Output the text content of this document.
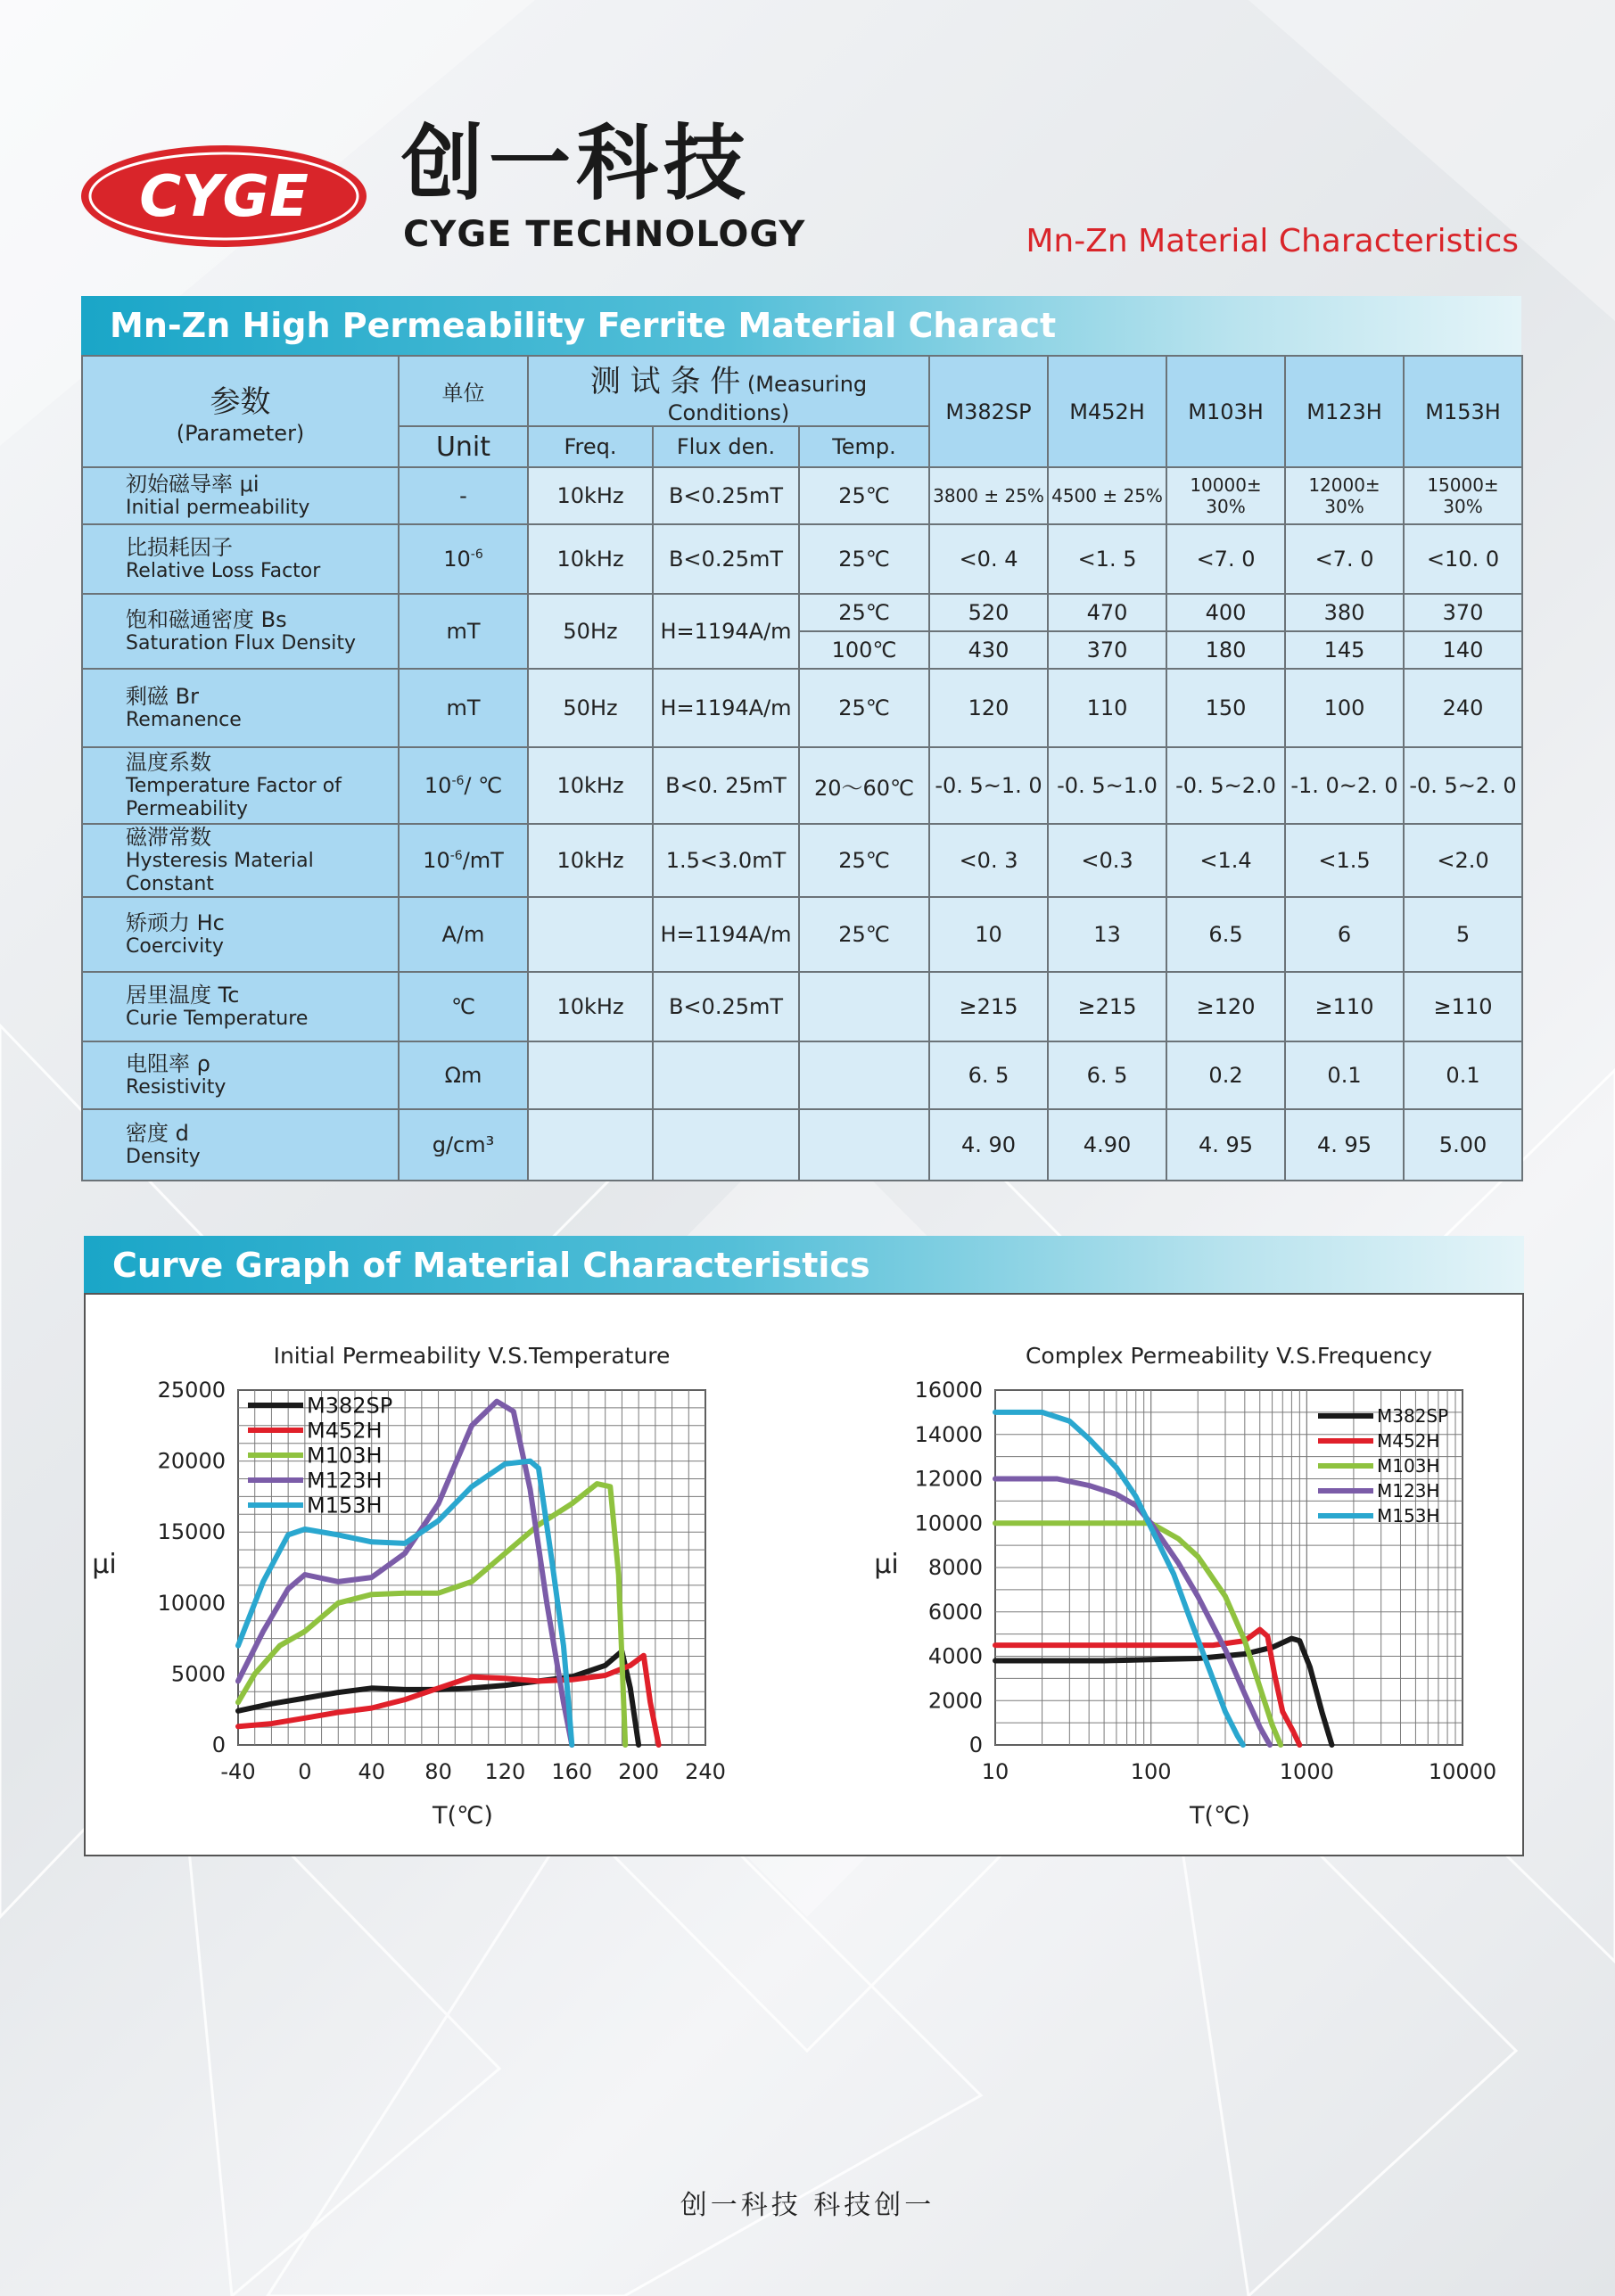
CYGE 创一科技
CYGE TECHNOLOGY	Mn-Zn Material Characteristics
Mn-Zn High Permeability Ferrite Material Charact
参数
(Parameter)	单位	测 试 条 件 (Measuring Conditions)			M382SP	M452H	M103H	M123H	M153H
	Unit	Freq.	Flux den.	Temp.					

初始磁导率 μi
Initial permeability	-	10kHz	B<0.25mT	25℃	3800 ± 25%	4500 ± 25%	10000± 30%	12000± 30%	15000± 30%

比损耗因子
Relative Loss Factor	$10^{-6}$	10kHz	B<0.25mT	25℃	<0. 4	<1. 5	<7. 0	<7. 0	<10. 0

饱和磁通密度 Bs
Saturation Flux Density	mT	50Hz	H=1194A/m	25℃	520	470	400	380	370
				100℃	430	370	180	145	140

剩磁 Br
Remanence	mT	50Hz	H=1194A/m	25℃	120	110	150	100	240

温度系数
Temperature Factor of Permeability	$10^{-6}/$ ℃	10kHz	B<0. 25mT	20～60℃	-0. 5~1. 0	-0. 5~1.0	-0. 5~2.0	-1. 0~2. 0	-0. 5~2. 0

磁滞常数
Hysteresis Material Constant	$10^{-6}/mT$	10kHz	1.5<3.0mT	25℃	<0. 3	<0.3	<1.4	<1.5	<2.0

矫顽力 Hc
Coercivity	A/m		H=1194A/m	25℃	10	13	6.5	6	5

居里温度 Tc
Curie Temperature	℃	10kHz	B<0.25mT		≥215	≥215	≥120	≥110	≥110

电阻率 ρ
Resistivity	Ωm				6. 5	6. 5	0.2	0.1	0.1

密度 d
Density	g/cm³				4. 90	4.90	4. 95	4. 95	5.00
Curve Graph of Material Characteristics
-40 0 40 80 120 160 200 240
0
5000
10000
15000
20000
25000
Initial Permeability V.S.Temperature
T(℃)
μi
M382SP
M452H
M103H
M123H
M153H
10	100	1000	10000
0
2000
4000
6000
8000
10000
12000
14000
16000
Complex Permeability V.S.Frequency
T(℃)
μi
M382SP
M452H
M103H
M123H
M153H
创一科技 科技创一
